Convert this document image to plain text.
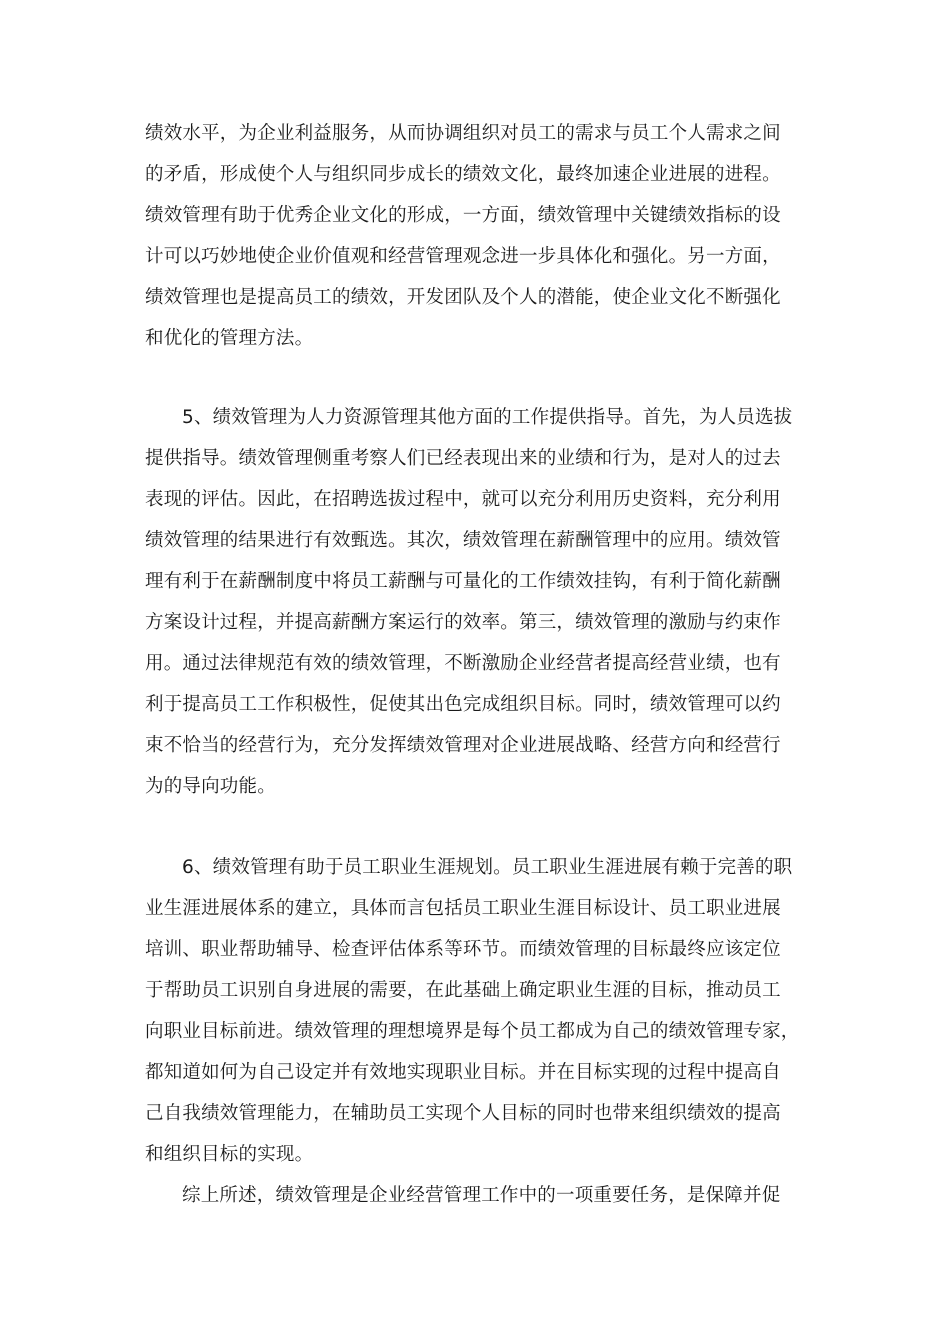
绩效水平，为企业利益服务，从而协调组织对员工的需求与员工个人需求之间
的矛盾，形成使个人与组织同步成长的绩效文化，最终加速企业进展的进程。
绩效管理有助于优秀企业文化的形成，一方面，绩效管理中关键绩效指标的设
计可以巧妙地使企业价值观和经营管理观念进一步具体化和强化。另一方面，
绩效管理也是提高员工的绩效，开发团队及个人的潜能，使企业文化不断强化
和优化的管理方法。
5、绩效管理为人力资源管理其他方面的工作提供指导。首先，为人员选拔
提供指导。绩效管理侧重考察人们已经表现出来的业绩和行为，是对人的过去
表现的评估。因此，在招聘选拔过程中，就可以充分利用历史资料，充分利用
绩效管理的结果进行有效甄选。其次，绩效管理在薪酬管理中的应用。绩效管
理有利于在薪酬制度中将员工薪酬与可量化的工作绩效挂钩，有利于简化薪酬
方案设计过程，并提高薪酬方案运行的效率。第三，绩效管理的激励与约束作
用。通过法律规范有效的绩效管理，不断激励企业经营者提高经营业绩，也有
利于提高员工工作积极性，促使其出色完成组织目标。同时，绩效管理可以约
束不恰当的经营行为，充分发挥绩效管理对企业进展战略、经营方向和经营行
为的导向功能。
6、绩效管理有助于员工职业生涯规划。员工职业生涯进展有赖于完善的职
业生涯进展体系的建立，具体而言包括员工职业生涯目标设计、员工职业进展
培训、职业帮助辅导、检查评估体系等环节。而绩效管理的目标最终应该定位
于帮助员工识别自身进展的需要，在此基础上确定职业生涯的目标，推动员工
向职业目标前进。绩效管理的理想境界是每个员工都成为自己的绩效管理专家，
都知道如何为自己设定并有效地实现职业目标。并在目标实现的过程中提高自
己自我绩效管理能力，在辅助员工实现个人目标的同时也带来组织绩效的提高
和组织目标的实现。
综上所述，绩效管理是企业经营管理工作中的一项重要任务，是保障并促
